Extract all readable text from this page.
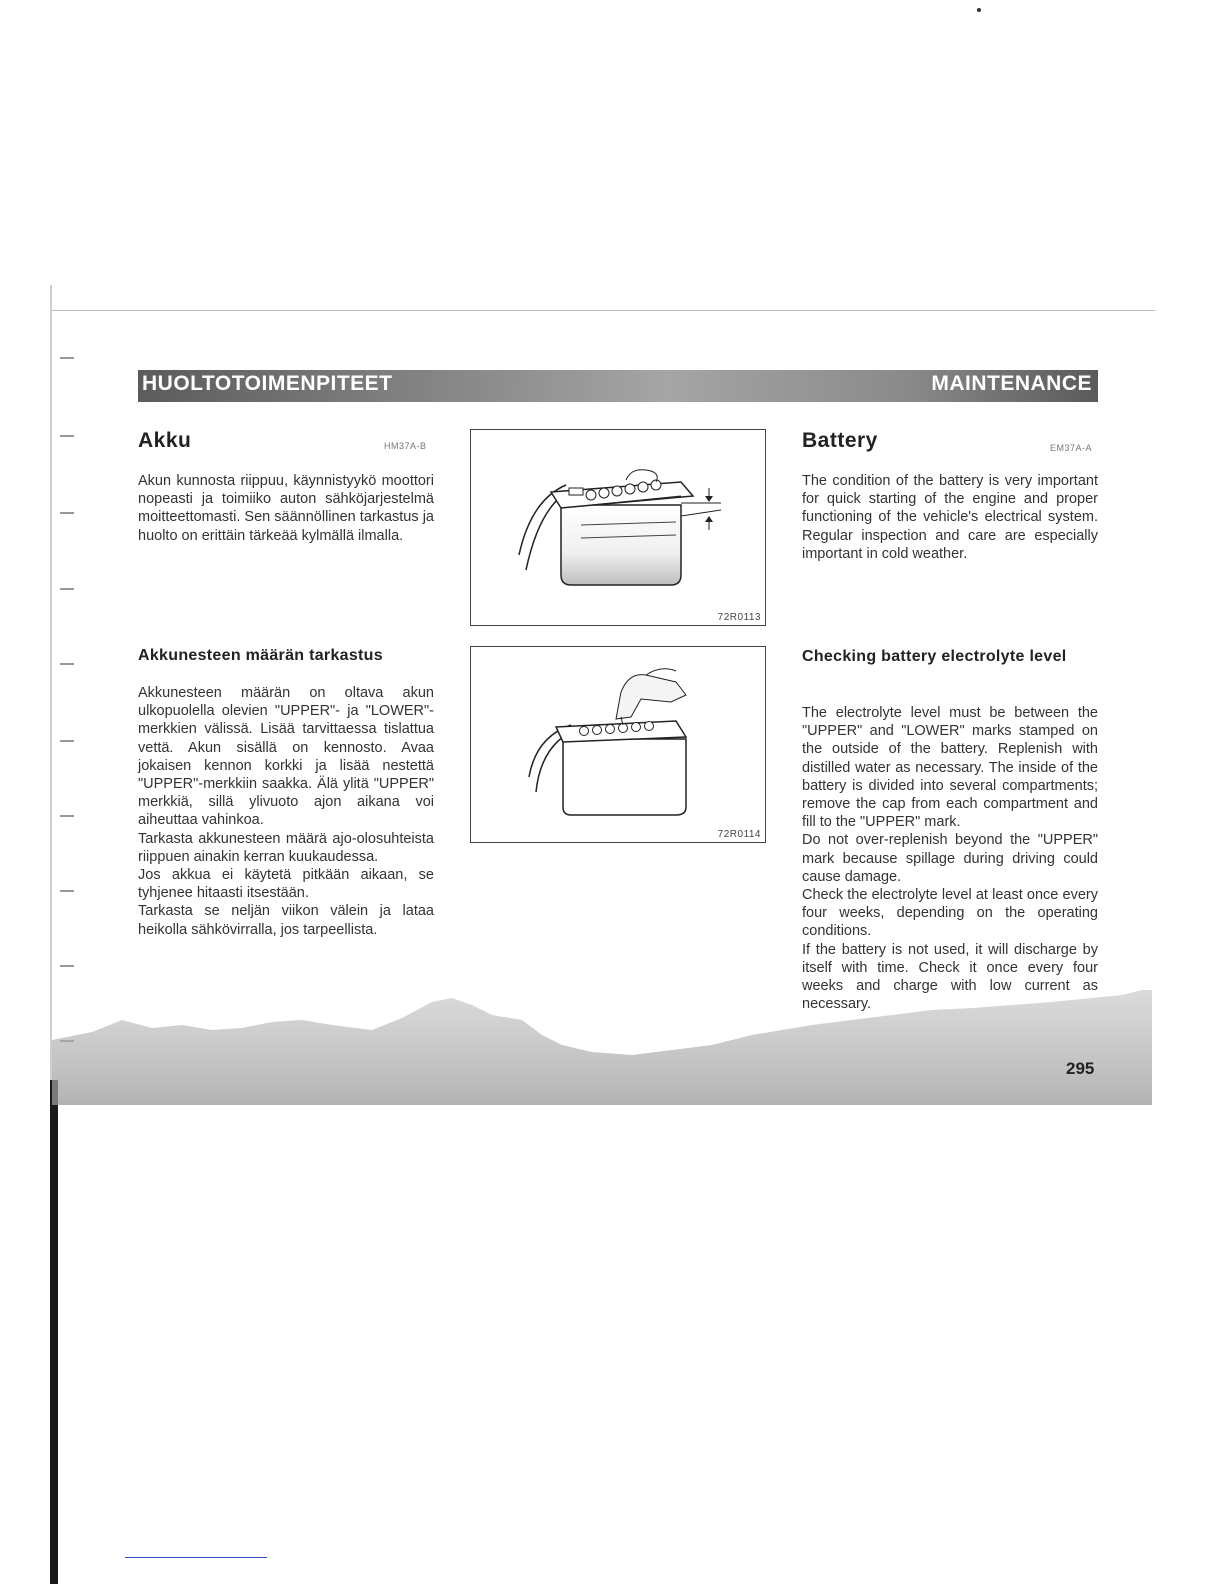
HUOLTOTOIMENPITEET	MAINTENANCE
Akku	HM37A-B

Akun kunnosta riippuu, käynnistyykö moottori nopeasti ja toimiiko auton sähköjarjestelmä moitteettomasti. Sen säännöllinen tarkastus ja huolto on erittäin tärkeää kylmällä ilmalla.

Akkunesteen määrän tarkastus

Akkunesteen määrän on oltava akun ulkopuolella olevien "UPPER"- ja "LOWER"-merkkien välissä. Lisää tarvittaessa tislattua vettä. Akun sisällä on kennosto. Avaa jokaisen kennon korkki ja lisää nestettä "UPPER"-merkkiin saakka. Älä ylitä "UPPER" merkkiä, sillä ylivuoto ajon aikana voi aiheuttaa vahinkoa.

Tarkasta akkunesteen määrä ajo-olosuhteista riippuen ainakin kerran kuukaudessa.

Jos akkua ei käytetä pitkään aikaan, se tyhjenee hitaasti itsestään.

Tarkasta se neljän viikon välein ja lataa heikolla sähkövirralla, jos tarpeellista.

72R0113
72R0114
Battery	EM37A-A

The condition of the battery is very important for quick starting of the engine and proper functioning of the vehicle's electrical system. Regular inspection and care are especially important in cold weather.

Checking battery electrolyte level

The electrolyte level must be between the "UPPER" and "LOWER" marks stamped on the outside of the battery. Replenish with distilled water as necessary. The inside of the battery is divided into several compartments; remove the cap from each compartment and fill to the "UPPER" mark.

Do not over-replenish beyond the "UPPER" mark because spillage during driving could cause damage.

Check the electrolyte level at least once every four weeks, depending on the operating conditions.

If the battery is not used, it will discharge by itself with time. Check it once every four weeks and charge with low current as necessary.

295
